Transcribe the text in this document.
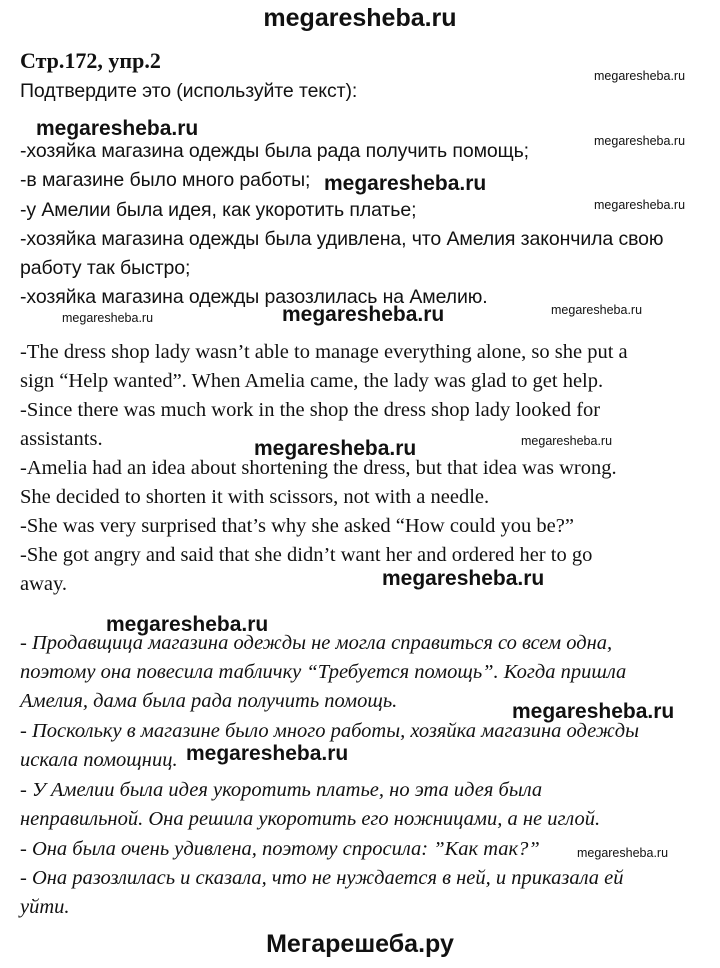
megaresheba.ru
Стр.172, упр.2
Подтвердите это (используйте текст):
-хозяйка магазина одежды была рада получить помощь;
-в магазине было много работы;
-у Амелии была идея, как укоротить платье;
-хозяйка магазина одежды была удивлена, что Амелия закончила свою
работу так быстро;
-хозяйка магазина одежды разозлилась на Амелию.
-The dress shop lady wasn’t able to manage everything alone, so she put a
sign “Help wanted”. When Amelia came, the lady was glad to get help.
-Since there was much work in the shop the dress shop lady looked for
assistants.
-Amelia had an idea about shortening the dress, but that idea was wrong.
She decided to shorten it with scissors, not with a needle.
-She was very surprised that’s why she asked “How could you be?”
-She got angry and said that she didn’t want her and ordered her to go
away.
- Продавщица магазина одежды не могла справиться со всем одна,
поэтому она повесила табличку “Требуется помощь”. Когда пришла
Амелия, дама была рада получить помощь.
- Поскольку в магазине было много работы, хозяйка магазина одежды
искала помощниц.
- У Амелии была идея укоротить платье, но эта идея была
неправильной. Она решила укоротить его ножницами, а не иглой.
- Она была очень удивлена, поэтому спросила: ”Как так?”
- Она разозлилась и сказала, что не нуждается в ней, и приказала ей
уйти.
megaresheba.ru
megaresheba.ru
megaresheba.ru
megaresheba.ru
megaresheba.ru
megaresheba.ru
megaresheba.ru
megaresheba.ru
megaresheba.ru
megaresheba.ru
megaresheba.ru
megaresheba.ru
megaresheba.ru
megaresheba.ru
megaresheba.ru
Мегарешеба.ру
